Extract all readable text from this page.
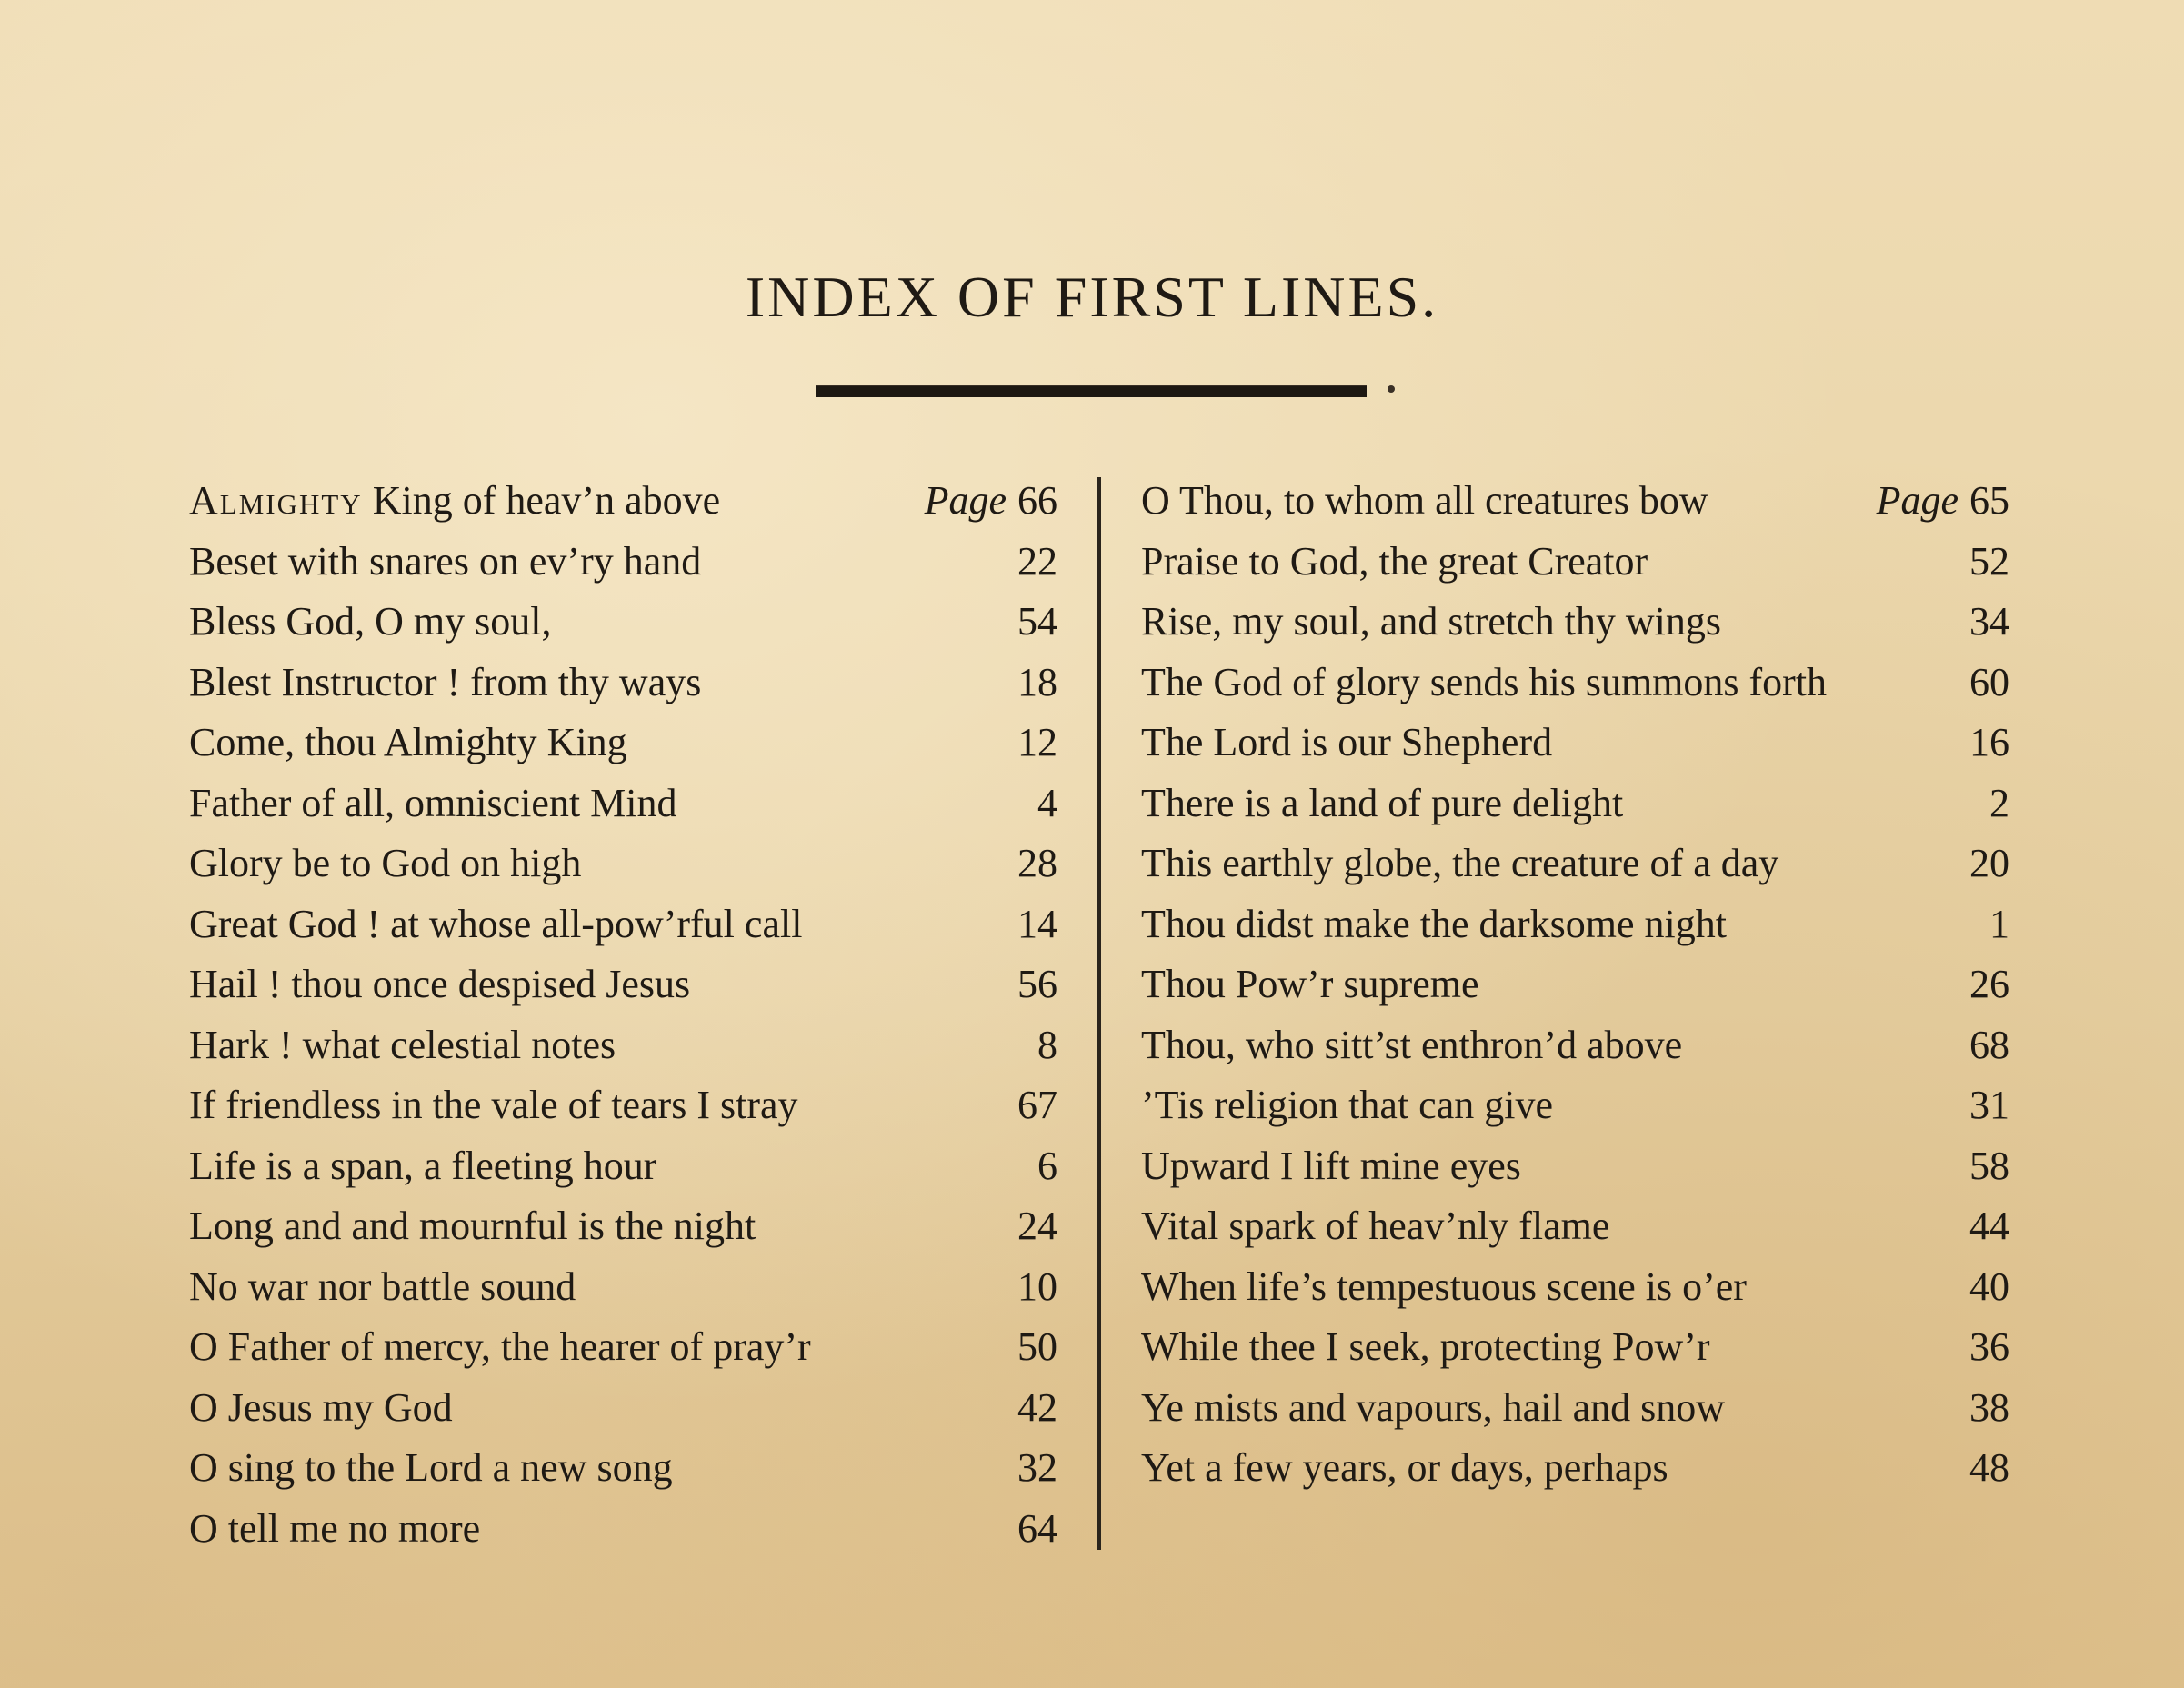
INDEX OF FIRST LINES.
Almighty King of heav’n above	Page 66
Beset with snares on ev’ry hand	22
Bless God, O my soul,	54
Blest Instructor ! from thy ways	18
Come, thou Almighty King	12
Father of all, omniscient Mind	4
Glory be to God on high	28
Great God ! at whose all-pow’rful call	14
Hail ! thou once despised Jesus	56
Hark ! what celestial notes	8
If friendless in the vale of tears I stray	67
Life is a span, a fleeting hour	6
Long and and mournful is the night	24
No war nor battle sound	10
O Father of mercy, the hearer of pray’r	50
O Jesus my God	42
O sing to the Lord a new song	32
O tell me no more	64
O Thou, to whom all creatures bow	Page 65
Praise to God, the great Creator	52
Rise, my soul, and stretch thy wings	34
The God of glory sends his summons forth	60
The Lord is our Shepherd	16
There is a land of pure delight	2
This earthly globe, the creature of a day	20
Thou didst make the darksome night	1
Thou Pow’r supreme	26
Thou, who sitt’st enthron’d above	68
’Tis religion that can give	31
Upward I lift mine eyes	58
Vital spark of heav’nly flame	44
When life’s tempestuous scene is o’er	40
While thee I seek, protecting Pow’r	36
Ye mists and vapours, hail and snow	38
Yet a few years, or days, perhaps	48
